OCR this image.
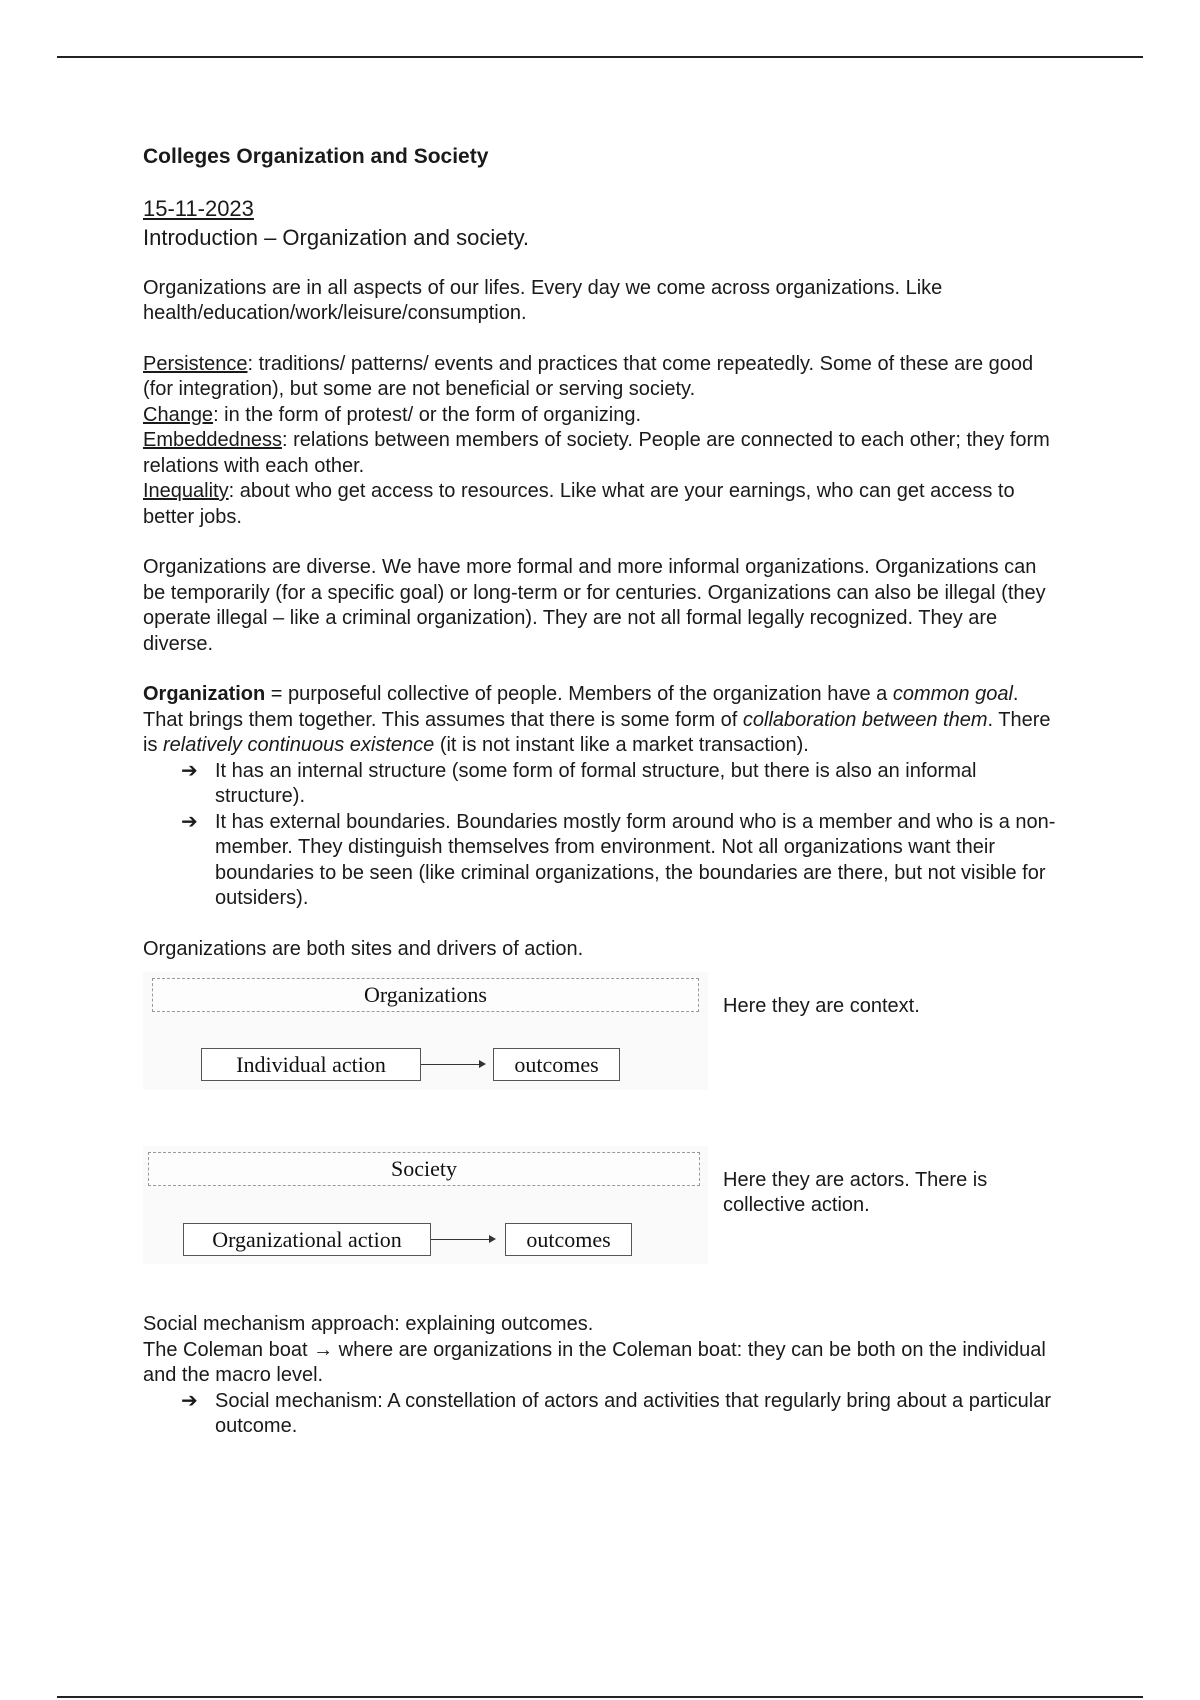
Colleges Organization and Society

15-11-2023

Introduction – Organization and society.

Organizations are in all aspects of our lifes. Every day we come across organizations. Like health/education/work/leisure/consumption.

Persistence: traditions/ patterns/ events and practices that come repeatedly. Some of these are good (for integration), but some are not beneficial or serving society.

Change: in the form of protest/ or the form of organizing.

Embeddedness: relations between members of society. People are connected to each other; they form relations with each other.

Inequality: about who get access to resources. Like what are your earnings, who can get access to better jobs.

Organizations are diverse. We have more formal and more informal organizations. Organizations can be temporarily (for a specific goal) or long-term or for centuries. Organizations can also be illegal (they operate illegal – like a criminal organization). They are not all formal legally recognized. They are diverse.

Organization = purposeful collective of people. Members of the organization have a common goal. That brings them together. This assumes that there is some form of collaboration between them. There is relatively continuous existence (it is not instant like a market transaction).

➔ It has an internal structure (some form of formal structure, but there is also an informal structure).
➔ It has external boundaries. Boundaries mostly form around who is a member and who is a non-member. They distinguish themselves from environment. Not all organizations want their boundaries to be seen (like criminal organizations, the boundaries are there, but not visible for outsiders).

Organizations are both sites and drivers of action.

Organizations
Individual action	outcomes
Here they are context.
Society
Organizational action	outcomes
Here they are actors. There is collective action.

Social mechanism approach: explaining outcomes.

The Coleman boat → where are organizations in the Coleman boat: they can be both on the individual and the macro level.

➔ Social mechanism: A constellation of actors and activities that regularly bring about a particular outcome.
